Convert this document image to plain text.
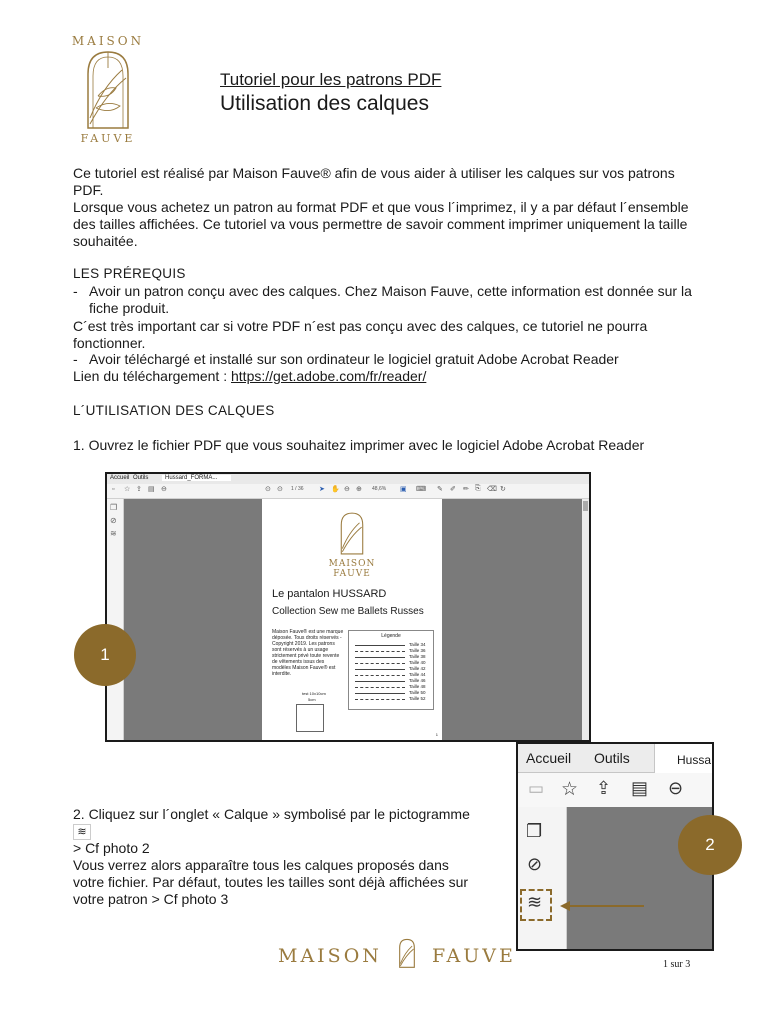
MAISON
FAUVE
Tutoriel pour les patrons PDF
Utilisation des calques
Ce tutoriel est réalisé par Maison Fauve® afin de vous aider à utiliser les calques sur vos patrons PDF.
Lorsque vous achetez un patron au format PDF et que vous l´imprimez, il y a par défaut l´ensemble des tailles affichées. Ce tutoriel va vous permettre de savoir comment imprimer uniquement la taille souhaitée.
LES PRÉREQUIS
- Avoir un patron conçu avec des calques. Chez Maison Fauve, cette information est donnée sur la fiche produit.
C´est très important car si votre PDF n´est pas conçu avec des calques, ce tutoriel ne pourra fonctionner.
- Avoir téléchargé et installé sur son ordinateur le logiciel gratuit Adobe Acrobat Reader
Lien du téléchargement : https://get.adobe.com/fr/reader/
L´UTILISATION DES CALQUES
1. Ouvrez le fichier PDF que vous souhaitez imprimer avec le logiciel Adobe Acrobat Reader
Accueil Outils	Hussard_FORMA...
▫ ☆ ⇪ ▤ ⊖	⊙ ⊙ 1 / 36 ➤ ✋ ⊖ ⊕ 48,6% ▣ ⌨ ✎ ✐ ✏ ⎘ ⌫ ↻
❐
⊘
≋
MAISON
FAUVE
Le pantalon HUSSARD
Collection Sew me Ballets Russes
Maison Fauve® est une marque déposée. Tous droits réservés - Copyright 2019. Les patrons sont réservés à un usage strictement privé toute revente de vêtements issus des modèles Maison Fauve® est interdite.
test 10x10cm
5cm
Légende
Taille 34
Taille 36
Taille 38
Taille 40
Taille 42
Taille 44
Taille 46
Taille 48
Taille 50
Taille 52
1
1
Accueil Outils	Hussa
▭ ☆ ⇪ ▤ ⊖
❐
⊘
≋
2
2. Cliquez sur l´onglet « Calque » symbolisé par le pictogramme ≋
> Cf photo 2
Vous verrez alors apparaître tous les calques proposés dans votre fichier. Par défaut, toutes les tailles sont déjà affichées sur votre patron > Cf photo 3
MAISON	FAUVE	1 sur 3
